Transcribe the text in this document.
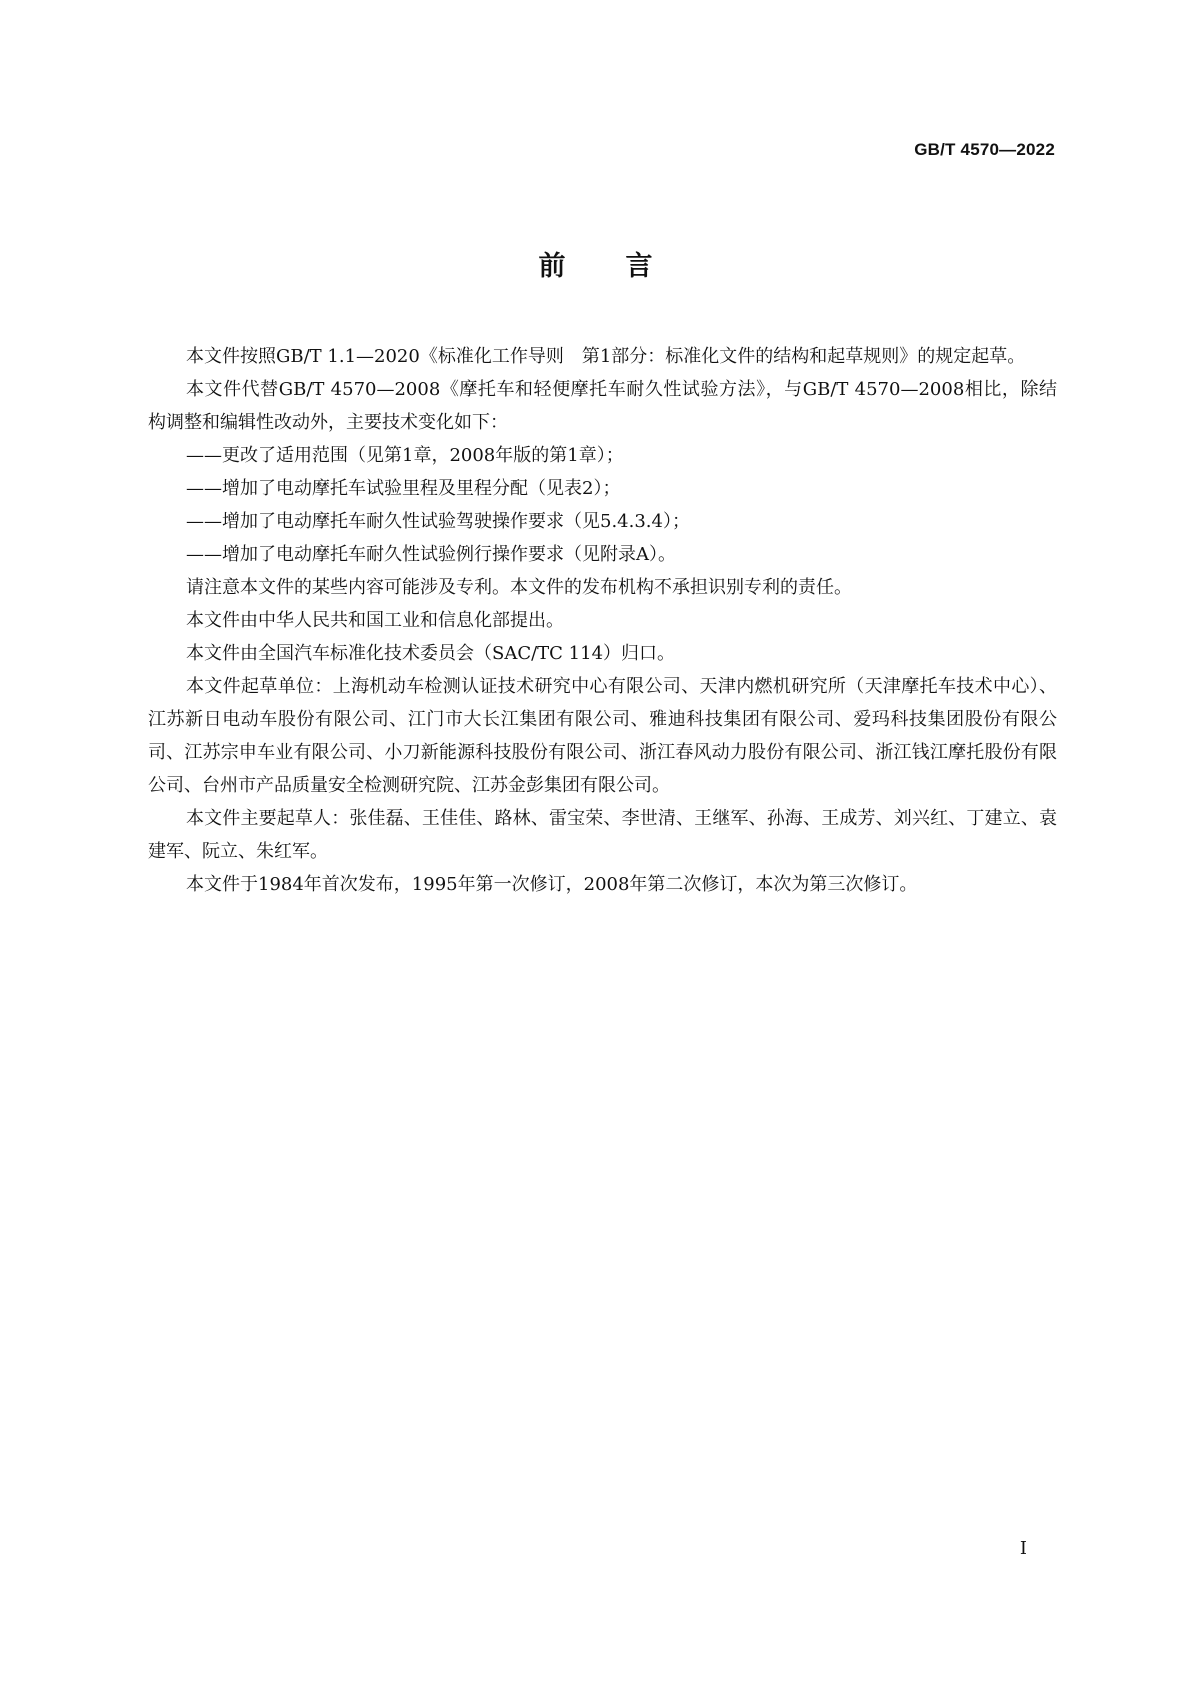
GB/T 4570—2022
前言

本文件按照GB/T 1.1—2020《标准化工作导则　第1部分：标准化文件的结构和起草规则》的规定起草。

本文件代替GB/T 4570—2008《摩托车和轻便摩托车耐久性试验方法》，与GB/T 4570—2008相比，除结构调整和编辑性改动外，主要技术变化如下：

——更改了适用范围（见第1章，2008年版的第1章）；

——增加了电动摩托车试验里程及里程分配（见表2）；

——增加了电动摩托车耐久性试验驾驶操作要求（见5.4.3.4）；

——增加了电动摩托车耐久性试验例行操作要求（见附录A）。

请注意本文件的某些内容可能涉及专利。本文件的发布机构不承担识别专利的责任。

本文件由中华人民共和国工业和信息化部提出。

本文件由全国汽车标准化技术委员会（SAC/TC 114）归口。

本文件起草单位：上海机动车检测认证技术研究中心有限公司、天津内燃机研究所（天津摩托车技术中心）、江苏新日电动车股份有限公司、江门市大长江集团有限公司、雅迪科技集团有限公司、爱玛科技集团股份有限公司、江苏宗申车业有限公司、小刀新能源科技股份有限公司、浙江春风动力股份有限公司、浙江钱江摩托股份有限公司、台州市产品质量安全检测研究院、江苏金彭集团有限公司。

本文件主要起草人：张佳磊、王佳佳、路林、雷宝荣、李世清、王继军、孙海、王成芳、刘兴红、丁建立、袁建军、阮立、朱红军。

本文件于1984年首次发布，1995年第一次修订，2008年第二次修订，本次为第三次修订。

I
